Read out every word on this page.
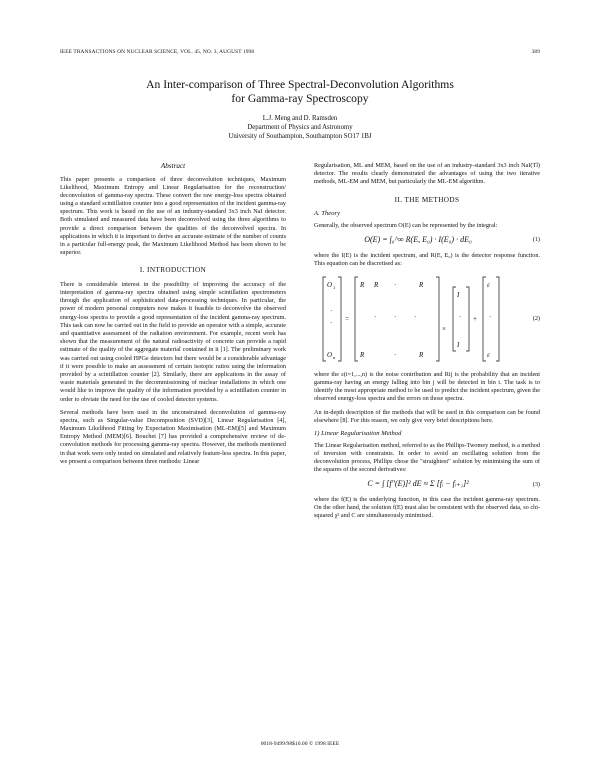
IEEE TRANSACTIONS ON NUCLEAR SCIENCE, VOL. 45, NO. 3, AUGUST 1998	389
An Inter-comparison of Three Spectral-Deconvolution Algorithms
for Gamma-ray Spectroscopy
L.J. Meng and D. Ramsden
Department of Physics and Astronomy
University of Southampton, Southampton SO17 1BJ
Abstract

This paper presents a comparison of three deconvolution techniques, Maximum Likelihood, Maximum Entropy and Linear Regularisation for the reconstruction/ deconvolution of gamma-ray spectra. These convert the raw energy-loss spectra obtained using a standard scintillation counter into a good representation of the incident gamma-ray spectrum. This work is based on the use of an industry-standard 3x3 inch NaI detector. Both simulated and measured data have been deconvolved using the three algorithms to provide a direct comparison between the qualities of the deconvolved spectra. In applications in which it is important to derive an accurate estimate of the number of counts in a particular full-energy peak, the Maximum Likelihood Method has been shown to be superior.

I. INTRODUCTION

There is considerable interest in the possibility of improving the accuracy of the interpretation of gamma-ray spectra obtained using simple scintillation spectrometers through the application of sophisticated data-processing techniques. In particular, the power of modern personal computers now makes it feasible to deconvolve the observed energy-loss spectra to provide a good representation of the incident gamma-ray spectrum. This task can now be carried out in the field to provide an operator with a simple, accurate and quantitative assessment of the radiation environment. For example, recent work has shown that the measurement of the natural radioactivity of concrete can provide a rapid estimate of the quality of the aggregate material contained in it [1]. The preliminary work was carried out using cooled HPGe detectors but there would be a considerable advantage if it were possible to make an assessment of certain isotopic ratios using the information provided by a scintillation counter [2]. Similarly, there are applications in the assay of waste materials generated in the decommissioning of nuclear installations in which one would like to improve the quality of the information provided by a scintillation counter in order to obviate the need for the use of cooled detector systems.

Several methods have been used in the unconstrained deconvolution of gamma-ray spectra, such as Singular-value Decomposition (SVD)[3], Linear Regularisation [4], Maximum Likelihood Fitting by Expectation Maximisation (ML-EM)[5] and Maximum Entropy Method (MEM)[6]. Bouchet [7] has provided a comprehensive review of de-convolution methods for processing gamma-ray spectra. However, the methods mentioned in that work were only tested on simulated and relatively feature-less spectra. In this paper, we present a comparison between three methods: Linear

Regularisation, ML and MEM, based on the use of an industry-standard 3x3 inch NaI(Tl) detector. The results clearly demonstrated the advantages of using the two iterative methods, ML-EM and MEM, but particularly the ML-EM algorithm.

II. THE METHODS
A. Theory

Generally, the observed spectrum O(E) can be represented by the integral:

O(E) = ∫₀^∞ R(E, E₀) · I(E₀) · dE₀	(1)

where the I(E) is the incident spectrum, and R(E, E₀) is the detector response function. This equation can be discretised as:

O 1
·
·
O n
=
R R	R
·
·	·	·
R	·	R
×
I
·
I
+
ε
·
ε
(2)

where the ε(i=1,...,n) is the noise contribution and Rij is the probability that an incident gamma-ray having an energy falling into bin j will be detected in bin i. The task is to identify the most appropriate method to be used to predict the incident spectrum, given the observed energy-loss spectra and the errors on those spectra.

An in-depth description of the methods that will be used in this comparison can be found elsewhere [8]. For this reason, we only give very brief descriptions here.

1) Linear Regularisation Method

The Linear Regularisation method, referred to as the Phillips-Twomey method, is a method of inversion with constraints. In order to avoid an oscillating solution from the deconvolution process, Phillips chose the "straightest" solution by minimising the sum of the squares of the second derivatives:

C = ∫ [f″(E)]² dE ≈ Σ [fᵢ − fᵢ₊₁]²	(3)

where the f(E) is the underlying function, in this case the incident gamma-ray spectrum. On the other hand, the solution f(E) must also be consistent with the observed data, so chi-squared χ² and C are simultaneously minimised.

0018-9499/98$10.00 © 1998 IEEE
